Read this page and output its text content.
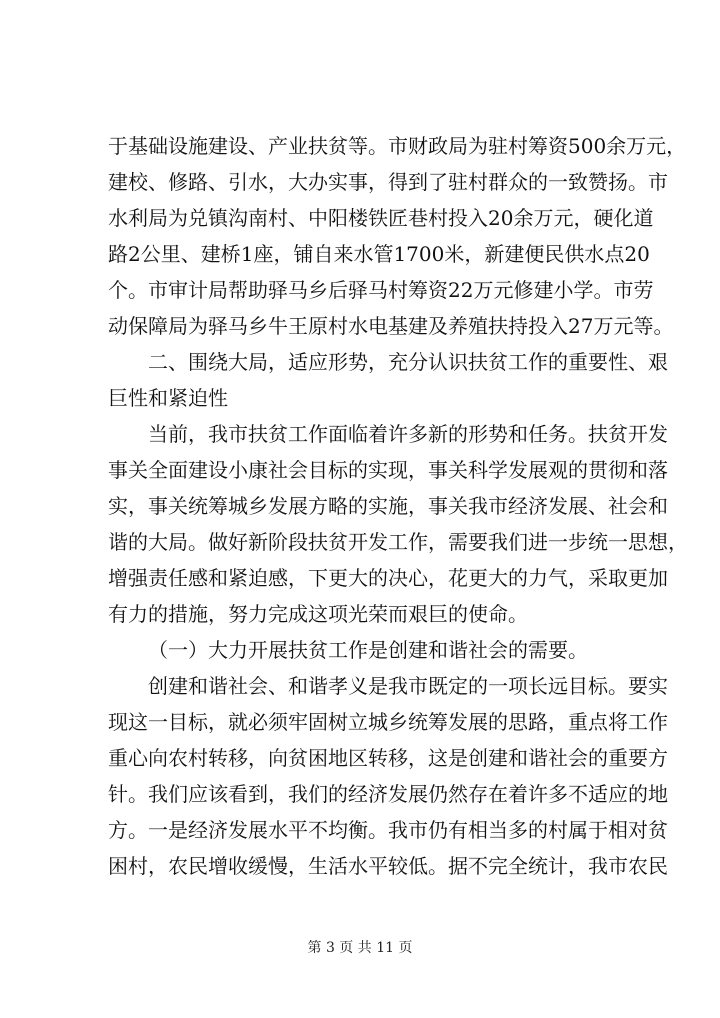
于基础设施建设、产业扶贫等。市财政局为驻村筹资500余万元，
建校、修路、引水，大办实事，得到了驻村群众的一致赞扬。市
水利局为兑镇沟南村、中阳楼铁匠巷村投入20余万元，硬化道
路2公里、建桥1座，铺自来水管1700米，新建便民供水点20
个。市审计局帮助驿马乡后驿马村筹资22万元修建小学。市劳
动保障局为驿马乡牛王原村水电基建及养殖扶持投入27万元等。
二、围绕大局，适应形势，充分认识扶贫工作的重要性、艰
巨性和紧迫性
当前，我市扶贫工作面临着许多新的形势和任务。扶贫开发
事关全面建设小康社会目标的实现，事关科学发展观的贯彻和落
实，事关统筹城乡发展方略的实施，事关我市经济发展、社会和
谐的大局。做好新阶段扶贫开发工作，需要我们进一步统一思想，
增强责任感和紧迫感，下更大的决心，花更大的力气，采取更加
有力的措施，努力完成这项光荣而艰巨的使命。
（一）大力开展扶贫工作是创建和谐社会的需要。
创建和谐社会、和谐孝义是我市既定的一项长远目标。要实
现这一目标，就必须牢固树立城乡统筹发展的思路，重点将工作
重心向农村转移，向贫困地区转移，这是创建和谐社会的重要方
针。我们应该看到，我们的经济发展仍然存在着许多不适应的地
方。一是经济发展水平不均衡。我市仍有相当多的村属于相对贫
困村，农民增收缓慢，生活水平较低。据不完全统计，我市农民
第 3 页 共 11 页
